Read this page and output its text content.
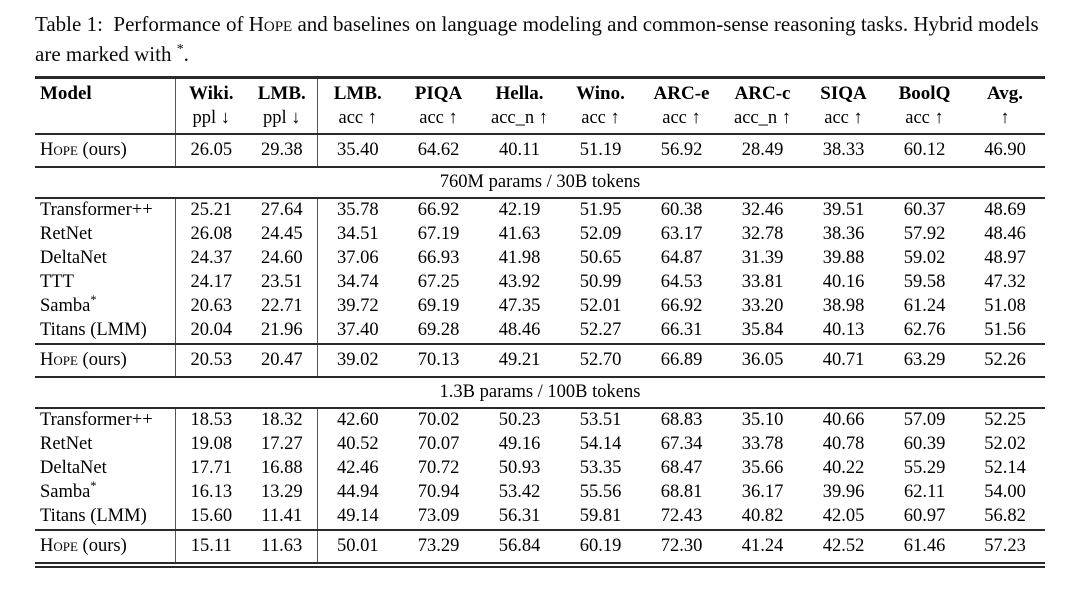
Table 1:  Performance of Hope and baselines on language modeling and common-sense reasoning tasks. Hybrid models are marked with *.
Model	Wiki.	LMB.	LMB.	PIQA	Hella.	Wino.	ARC-e	ARC-c	SIQA	BoolQ	Avg.
	ppl ↓	ppl ↓	acc ↑	acc ↑	acc_n ↑	acc ↑	acc ↑	acc_n ↑	acc ↑	acc ↑	↑
Hope (ours)	26.05	29.38	35.40	64.62	40.11	51.19	56.92	28.49	38.33	60.12	46.90
760M params / 30B tokens											
Transformer++	25.21	27.64	35.78	66.92	42.19	51.95	60.38	32.46	39.51	60.37	48.69
RetNet	26.08	24.45	34.51	67.19	41.63	52.09	63.17	32.78	38.36	57.92	48.46
DeltaNet	24.37	24.60	37.06	66.93	41.98	50.65	64.87	31.39	39.88	59.02	48.97
TTT	24.17	23.51	34.74	67.25	43.92	50.99	64.53	33.81	40.16	59.58	47.32
Samba*	20.63	22.71	39.72	69.19	47.35	52.01	66.92	33.20	38.98	61.24	51.08
Titans (LMM)	20.04	21.96	37.40	69.28	48.46	52.27	66.31	35.84	40.13	62.76	51.56
Hope (ours)	20.53	20.47	39.02	70.13	49.21	52.70	66.89	36.05	40.71	63.29	52.26
1.3B params / 100B tokens											
Transformer++	18.53	18.32	42.60	70.02	50.23	53.51	68.83	35.10	40.66	57.09	52.25
RetNet	19.08	17.27	40.52	70.07	49.16	54.14	67.34	33.78	40.78	60.39	52.02
DeltaNet	17.71	16.88	42.46	70.72	50.93	53.35	68.47	35.66	40.22	55.29	52.14
Samba*	16.13	13.29	44.94	70.94	53.42	55.56	68.81	36.17	39.96	62.11	54.00
Titans (LMM)	15.60	11.41	49.14	73.09	56.31	59.81	72.43	40.82	42.05	60.97	56.82
Hope (ours)	15.11	11.63	50.01	73.29	56.84	60.19	72.30	41.24	42.52	61.46	57.23
